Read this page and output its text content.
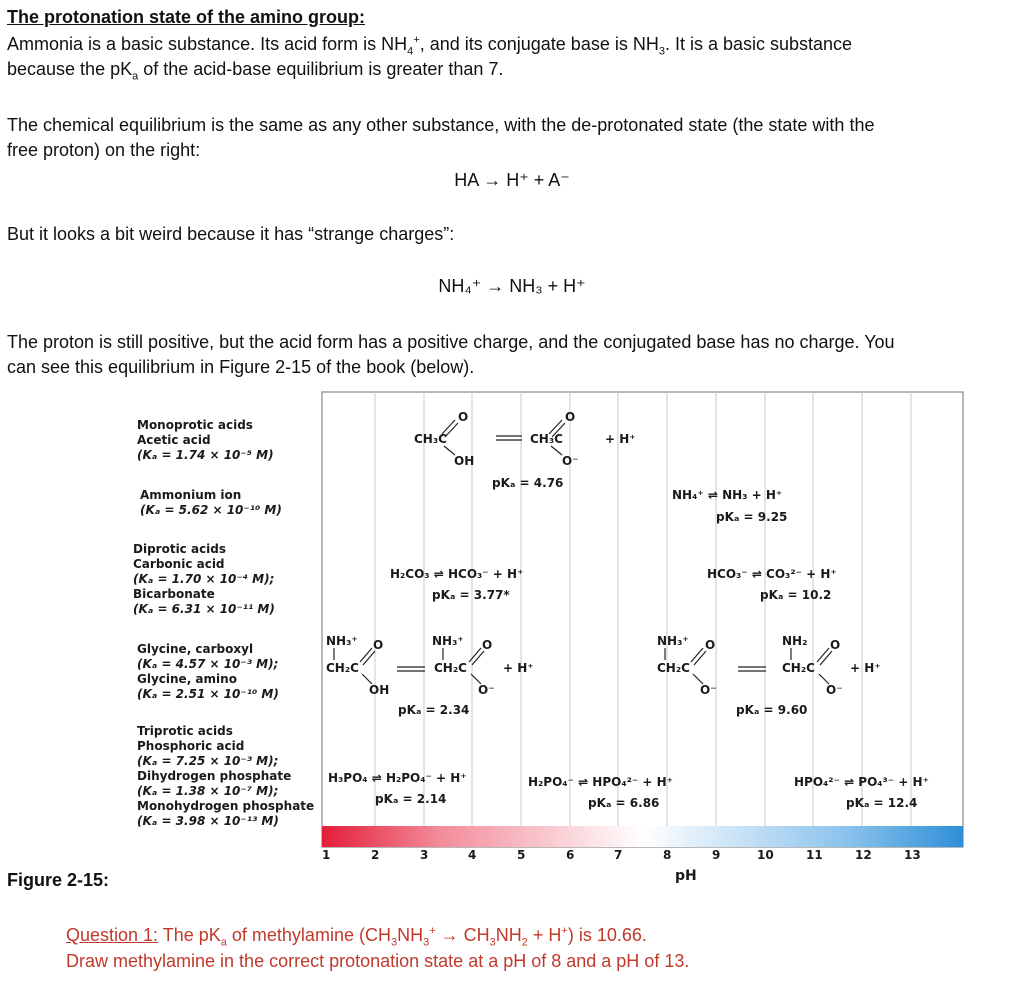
The protonation state of the amino group:
Ammonia is a basic substance. Its acid form is $NH_4^+$, and its conjugate base is $NH_3$. It is a basic substance
because the $pK_a$ of the acid-base equilibrium is greater than 7.
The chemical equilibrium is the same as any other substance, with the de-protonated state (the state with the
free proton) on the right:
HA → H⁺ + A⁻
But it looks a bit weird because it has “strange charges”:
NH₄⁺ → NH₃ + H⁺
The proton is still positive, but the acid form has a positive charge, and the conjugated base has no charge. You
can see this equilibrium in Figure 2-15 of the book (below).
Figure 2-15:
Monoprotic acids
Acetic acid
(Kₐ = 1.74 × 10⁻⁵ M)
Ammonium ion
(Kₐ = 5.62 × 10⁻¹⁰ M)
Diprotic acids
Carbonic acid
(Kₐ = 1.70 × 10⁻⁴ M);
Bicarbonate
(Kₐ = 6.31 × 10⁻¹¹ M)
Glycine, carboxyl
(Kₐ = 4.57 × 10⁻³ M);
Glycine, amino
(Kₐ = 2.51 × 10⁻¹⁰ M)
Triprotic acids
Phosphoric acid
(Kₐ = 7.25 × 10⁻³ M);
Dihydrogen phosphate
(Kₐ = 1.38 × 10⁻⁷ M);
Monohydrogen phosphate
(Kₐ = 3.98 × 10⁻¹³ M)
CH₃C
O
OH
CH₃C
O
O⁻
+ H⁺
pKₐ = 4.76
NH₄⁺ ⇌ NH₃ + H⁺
pKₐ = 9.25
H₂CO₃ ⇌ HCO₃⁻ + H⁺
pKₐ = 3.77*
HCO₃⁻ ⇌ CO₃²⁻ + H⁺
pKₐ = 10.2
NH₃⁺
CH₂C
O
OH
NH₃⁺
CH₂C
O
O⁻
+ H⁺
pKₐ = 2.34
NH₃⁺
CH₂C
O
O⁻
NH₂
CH₂C
O
O⁻
+ H⁺
pKₐ = 9.60
H₃PO₄ ⇌ H₂PO₄⁻ + H⁺
pKₐ = 2.14
H₂PO₄⁻ ⇌ HPO₄²⁻ + H⁺
pKₐ = 6.86
HPO₄²⁻ ⇌ PO₄³⁻ + H⁺
pKₐ = 12.4
1	2	3	4	5	6	7	8	9	10	11	12	13
pH
Question 1: The $pK_a$ of methylamine $(CH_3NH_3^+ \to CH_3NH_2 + H^+)$ is 10.66.
Draw methylamine in the correct protonation state at a pH of 8 and a pH of 13.
